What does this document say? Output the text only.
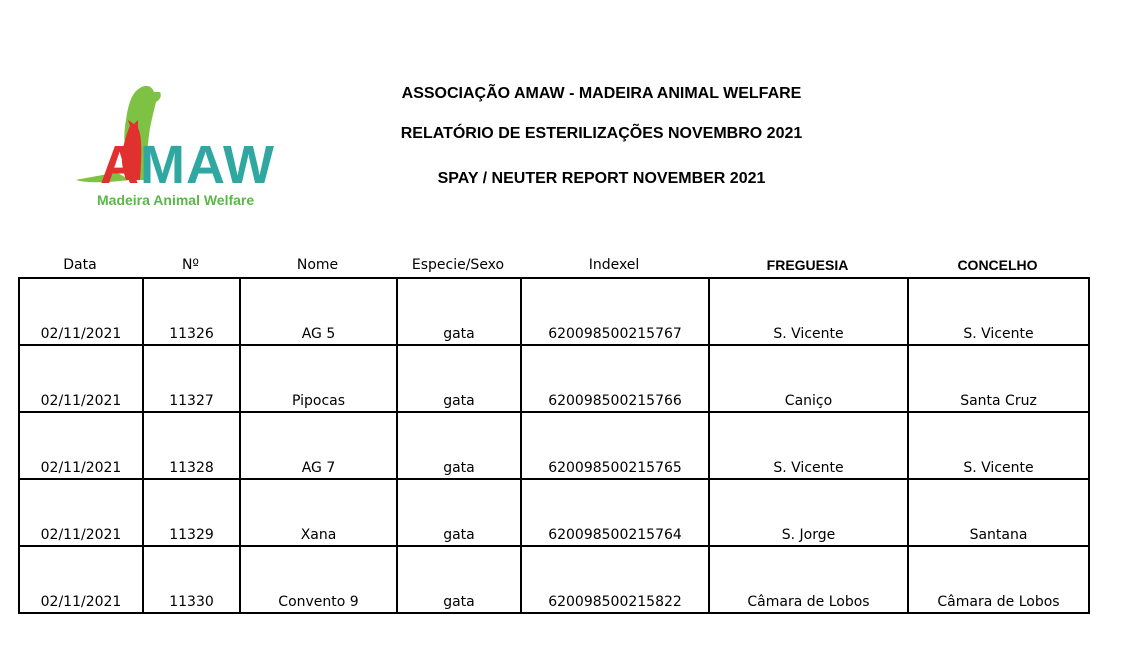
AMAW
Madeira Animal Welfare
ASSOCIAÇÃO AMAW - MADEIRA ANIMAL WELFARE
RELATÓRIO DE ESTERILIZAÇÕES NOVEMBRO 2021
SPAY / NEUTER REPORT NOVEMBER 2021
Data	Nº	Nome	Especie/Sexo	Indexel	FREGUESIA	CONCELHO
02/11/2021	11326	AG 5	gata	620098500215767	S. Vicente	S. Vicente
02/11/2021	11327	Pipocas	gata	620098500215766	Caniço	Santa Cruz
02/11/2021	11328	AG 7	gata	620098500215765	S. Vicente	S. Vicente
02/11/2021	11329	Xana	gata	620098500215764	S. Jorge	Santana
02/11/2021	11330	Convento 9	gata	620098500215822	Câmara de Lobos	Câmara de Lobos
